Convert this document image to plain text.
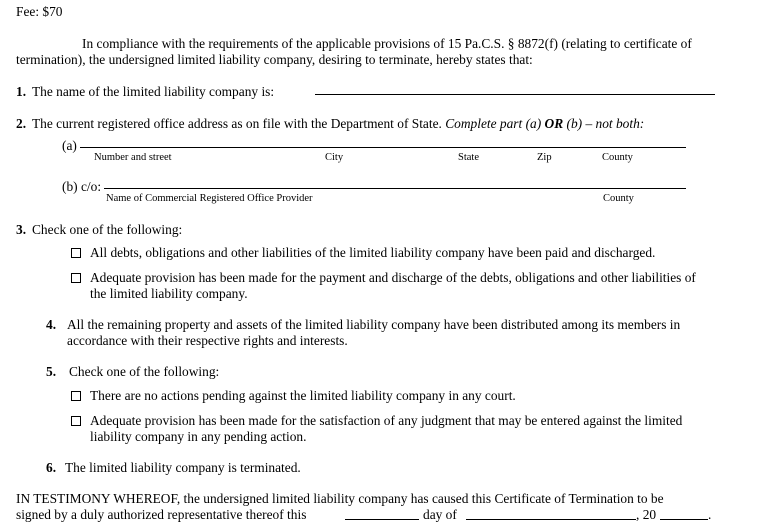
Fee: $70
In compliance with the requirements of the applicable provisions of 15 Pa.C.S. § 8872(f) (relating to certificate of
termination), the undersigned limited liability company, desiring to terminate, hereby states that:
1. The name of the limited liability company is:
2. The current registered office address as on file with the Department of State. Complete part (a) OR (b) – not both:
(a)
Number and street	City	State	Zip	County
(b) c/o:
Name of Commercial Registered Office Provider	County
3. Check one of the following:
All debts, obligations and other liabilities of the limited liability company have been paid and discharged.
Adequate provision has been made for the payment and discharge of the debts, obligations and other liabilities of
the limited liability company.
4. All the remaining property and assets of the limited liability company have been distributed among its members in
accordance with their respective rights and interests.
5. Check one of the following:
There are no actions pending against the limited liability company in any court.
Adequate provision has been made for the satisfaction of any judgment that may be entered against the limited
liability company in any pending action.
6. The limited liability company is terminated.
IN TESTIMONY WHEREOF, the undersigned limited liability company has caused this Certificate of Termination to be
signed by a duly authorized representative thereof this	day of	, 20	.
